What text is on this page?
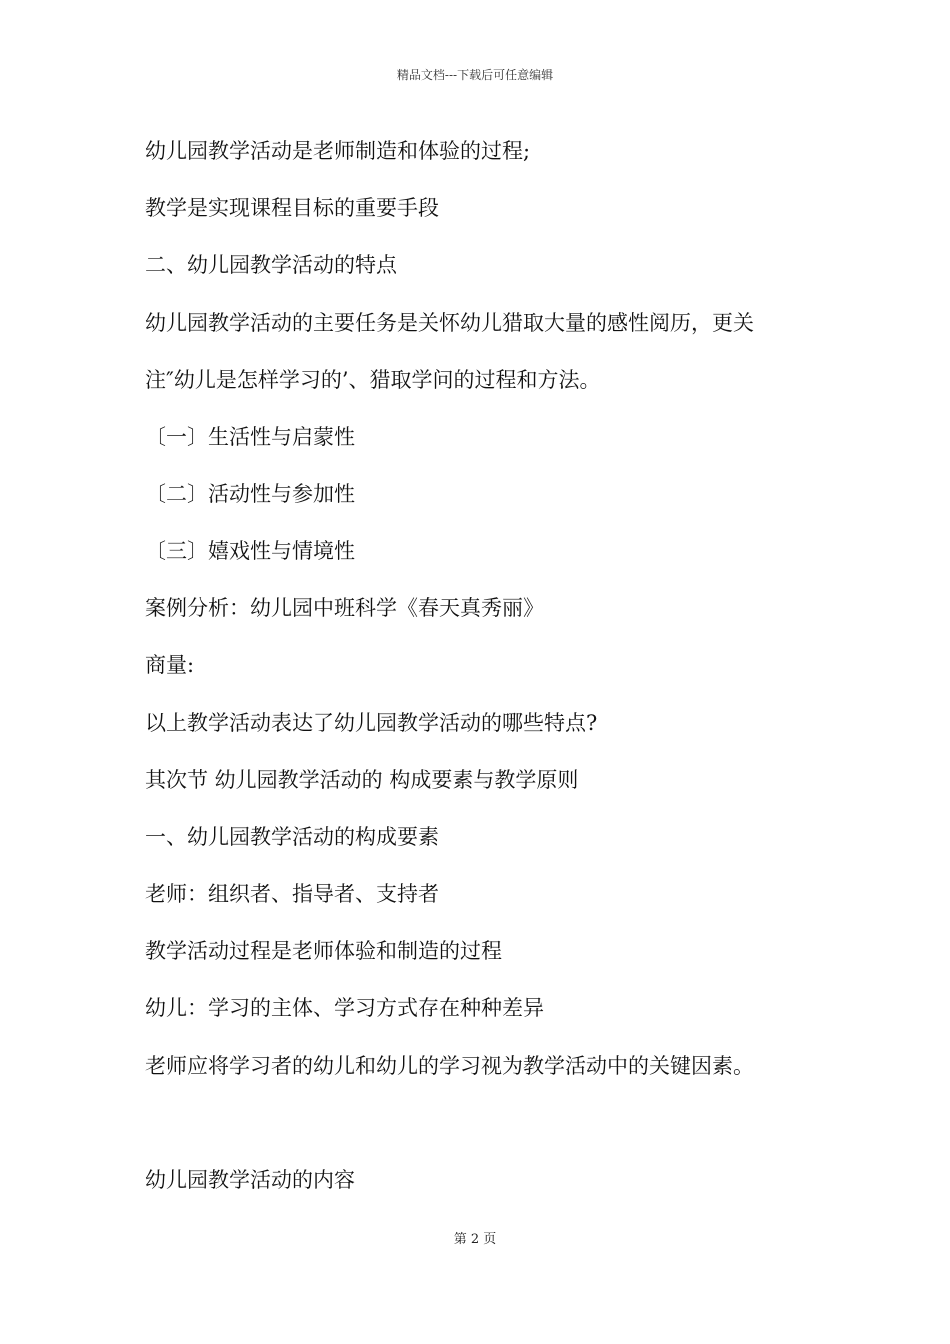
精品文档---下载后可任意编辑
幼儿园教学活动是老师制造和体验的过程;
教学是实现课程目标的重要手段
二、幼儿园教学活动的特点
幼儿园教学活动的主要任务是关怀幼儿猎取大量的感性阅历，更关
注″幼儿是怎样学习的’、猎取学问的过程和方法。
〔一〕生活性与启蒙性
〔二〕活动性与参加性
〔三〕嬉戏性与情境性
案例分析：幼儿园中班科学《春天真秀丽》
商量:
以上教学活动表达了幼儿园教学活动的哪些特点?
其次节 幼儿园教学活动的 构成要素与教学原则
一、幼儿园教学活动的构成要素
老师：组织者、指导者、支持者
教学活动过程是老师体验和制造的过程
幼儿：学习的主体、学习方式存在种种差异
老师应将学习者的幼儿和幼儿的学习视为教学活动中的关键因素。
幼儿园教学活动的内容
第 2 页
